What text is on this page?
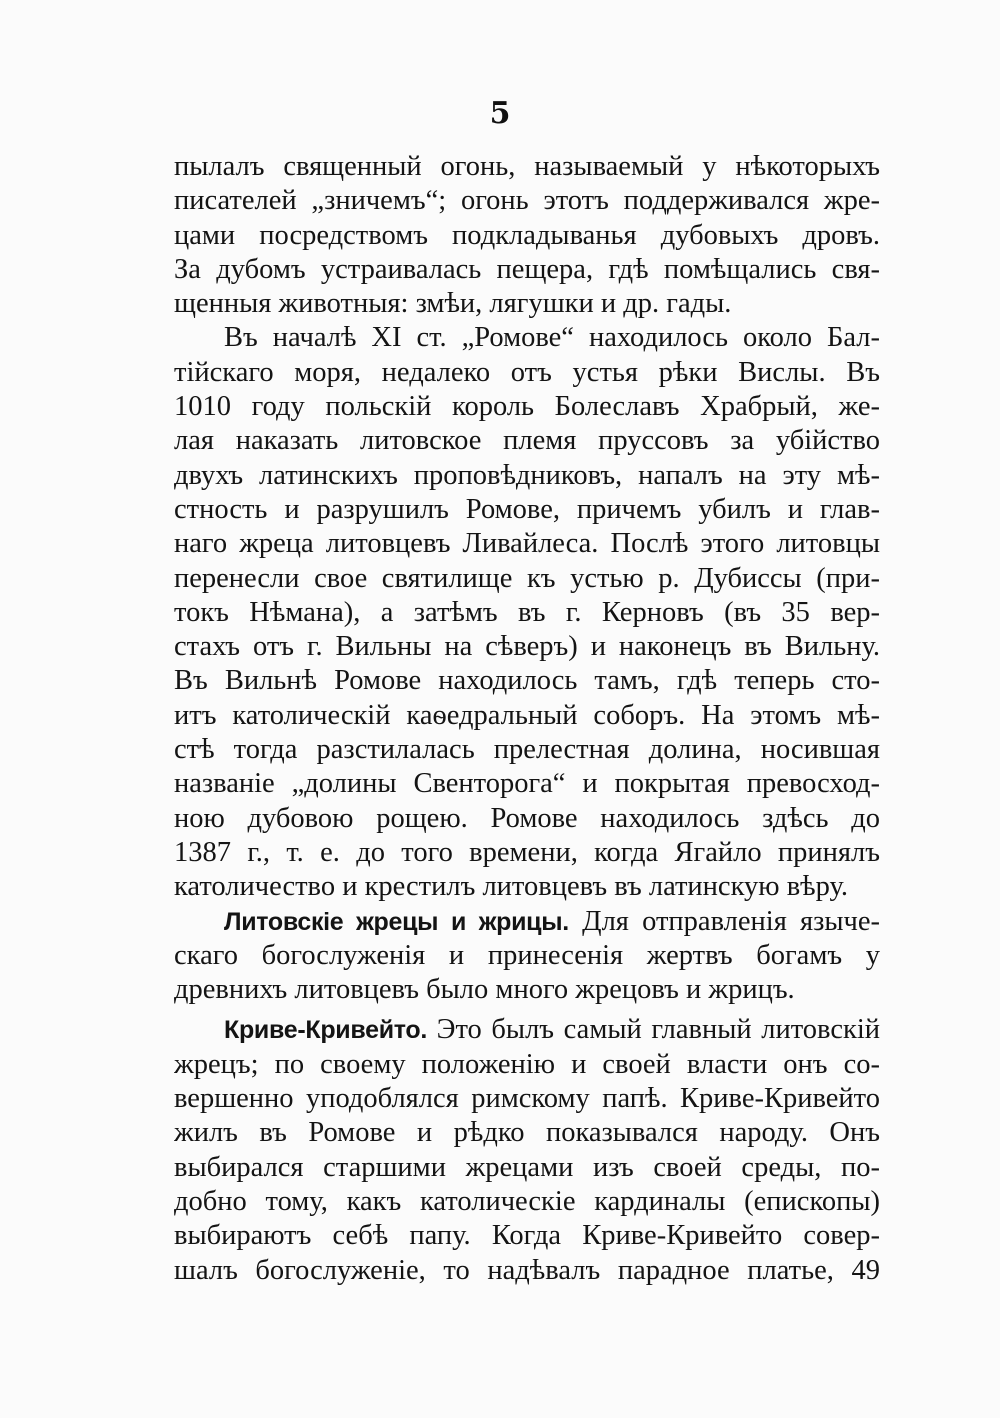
5
пылалъ священный огонь, называемый у нѣкоторыхъ
писателей „зничемъ“; огонь этотъ поддерживался жре-
цами посредствомъ подкладыванья дубовыхъ дровъ.
За дубомъ устраивалась пещера, гдѣ помѣщались свя-
щенныя животныя: змѣи, лягушки и др. гады.
Въ началѣ XI ст. „Ромове“ находилось около Бал-
тійскаго моря, недалеко отъ устья рѣки Вислы. Въ
1010 году польскій король Болеславъ Храбрый, же-
лая наказать литовское племя пруссовъ за убійство
двухъ латинскихъ проповѣдниковъ, напалъ на эту мѣ-
стность и разрушилъ Ромове, причемъ убилъ и глав-
наго жреца литовцевъ Ливайлеса. Послѣ этого литовцы
перенесли свое святилище къ устью р. Дубиссы (при-
токъ Нѣмана), а затѣмъ въ г. Керновъ (въ 35 вер-
стахъ отъ г. Вильны на сѣверъ) и наконецъ въ Вильну.
Въ Вильнѣ Ромове находилось тамъ, гдѣ теперь сто-
итъ католическій каѳедральный соборъ. На этомъ мѣ-
стѣ тогда разстилалась прелестная долина, носившая
названіе „долины Свенторога“ и покрытая превосход-
ною дубовою рощею. Ромове находилось здѣсь до
1387 г., т. е. до того времени, когда Ягайло принялъ
католичество и крестилъ литовцевъ въ латинскую вѣру.
Литовскіе жрецы и жрицы. Для отправленія язычe-
скаго богослуженія и принесенія жертвъ богамъ у
древнихъ литовцевъ было много жрецовъ и жрицъ.
Криве-Кривейто. Это былъ самый главный литовскій
жрецъ; по своему положенію и своей власти онъ со-
вершенно уподоблялся римскому папѣ. Криве-Кривейто
жилъ въ Ромове и рѣдко показывался народу. Онъ
выбирался старшими жрецами изъ своей среды, по-
добно тому, какъ католическіе кардиналы (епископы)
выбираютъ себѣ папу. Когда Криве-Кривейто совер-
шалъ богослуженіе, то надѣвалъ парадное платье, 49
